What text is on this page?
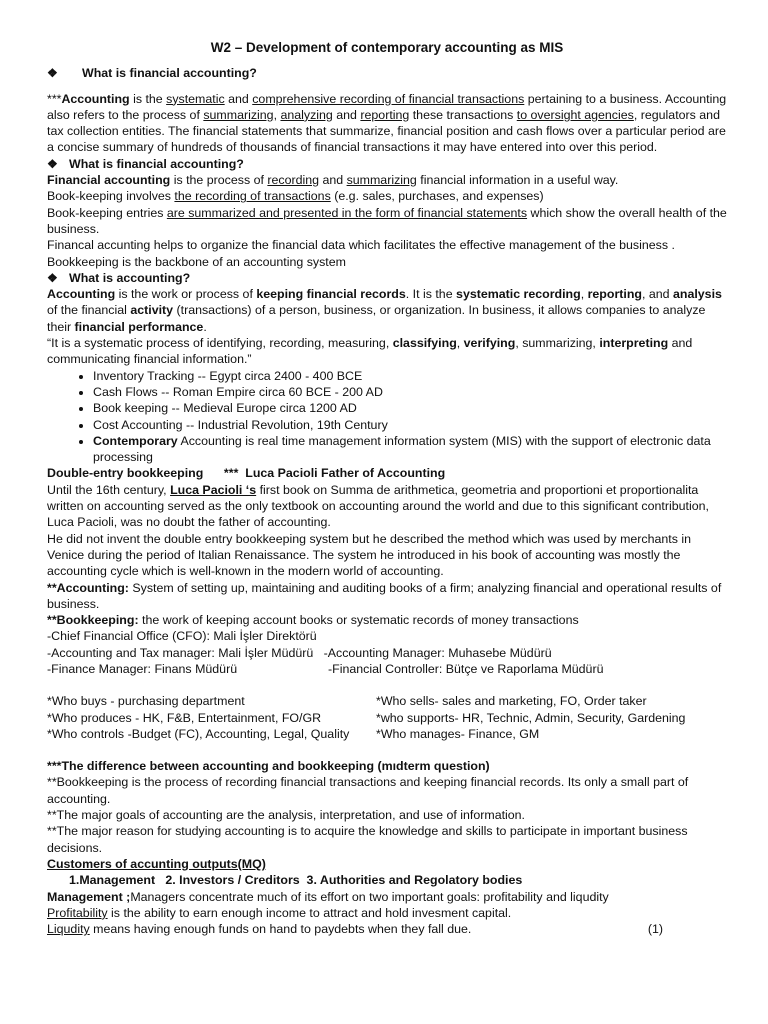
W2 – Development of contemporary accounting as MIS

❖ What is financial accounting?

***Accounting is the systematic and comprehensive recording of financial transactions pertaining to a business. Accounting also refers to the process of summarizing, analyzing and reporting these transactions to oversight agencies, regulators and tax collection entities. The financial statements that summarize, financial position and cash flows over a particular period are a concise summary of hundreds of thousands of financial transactions it may have entered into over this period.

❖ What is financial accounting?

Financial accounting is the process of recording and summarizing financial information in a useful way.

Book-keeping involves the recording of transactions (e.g. sales, purchases, and expenses)

Book-keeping entries are summarized and presented in the form of financial statements which show the overall health of the business.

Financal accunting helps to organize the financial data which facilitates the effective management of the business .

Bookkeeping is the backbone of an accounting system

❖ What is accounting?

Accounting is the work or process of keeping financial records. It is the systematic recording, reporting, and analysis of the financial activity (transactions) of a person, business, or organization. In business, it allows companies to analyze their financial performance.

“It is a systematic process of identifying, recording, measuring, classifying, verifying, summarizing, interpreting and communicating financial information.”

• Inventory Tracking -- Egypt circa 2400 - 400 BCE
• Cash Flows -- Roman Empire circa 60 BCE - 200 AD
• Book keeping -- Medieval Europe circa 1200 AD
• Cost Accounting -- Industrial Revolution, 19th Century
• Contemporary Accounting is real time management information system (MIS) with the support of electronic data processing

Double-entry bookkeeping      ***  Luca Pacioli Father of Accounting

Until the 16th century, Luca Pacioli ‘s first book on Summa de arithmetica, geometria and proportioni et proportionalita written on accounting served as the only textbook on accounting around the world and due to this significant contribution, Luca Pacioli, was no doubt the father of accounting.

He did not invent the double entry bookkeeping system but he described the method which was used by merchants in Venice during the period of Italian Renaissance. The system he introduced in his book of accounting was mostly the accounting cycle which is well-known in the modern world of accounting.

**Accounting: System of setting up, maintaining and auditing books of a firm; analyzing financial and operational results of business.

**Bookkeeping: the work of keeping account books or systematic records of money transactions

-Chief Financial Office (CFO): Mali İşler Direktörü

-Accounting and Tax manager: Mali İşler Müdürü   -Accounting Manager: Muhasebe Müdürü

-Finance Manager: Finans Müdürü	-Financial Controller: Bütçe ve Raporlama Müdürü
*Who buys - purchasing department	*Who sells- sales and marketing, FO, Order taker
*Who produces - HK, F&B, Entertainment, FO/GR	*who supports- HR, Technic, Admin, Security, Gardening
*Who controls -Budget (FC), Accounting, Legal, Quality	*Who manages- Finance, GM

***The difference between accounting and bookkeeping (mıdterm question)

**Bookkeeping is the process of recording financial transactions and keeping financial records. Its only a small part of accounting.

**The major goals of accounting are the analysis, interpretation, and use of information.

**The major reason for studying accounting is to acquire the knowledge and skills to participate in important business decisions.

Customers of accunting outputs(MQ)

1.Management   2. Investors / Creditors  3. Authorities and Regolatory bodies

Management ;Managers concentrate much of its effort on two important goals: profitability and liqudity

Profitability is the ability to earn enough income to attract and hold invesment capital.

Liqudity means having enough funds on hand to paydebts when they fall due.	(1)
